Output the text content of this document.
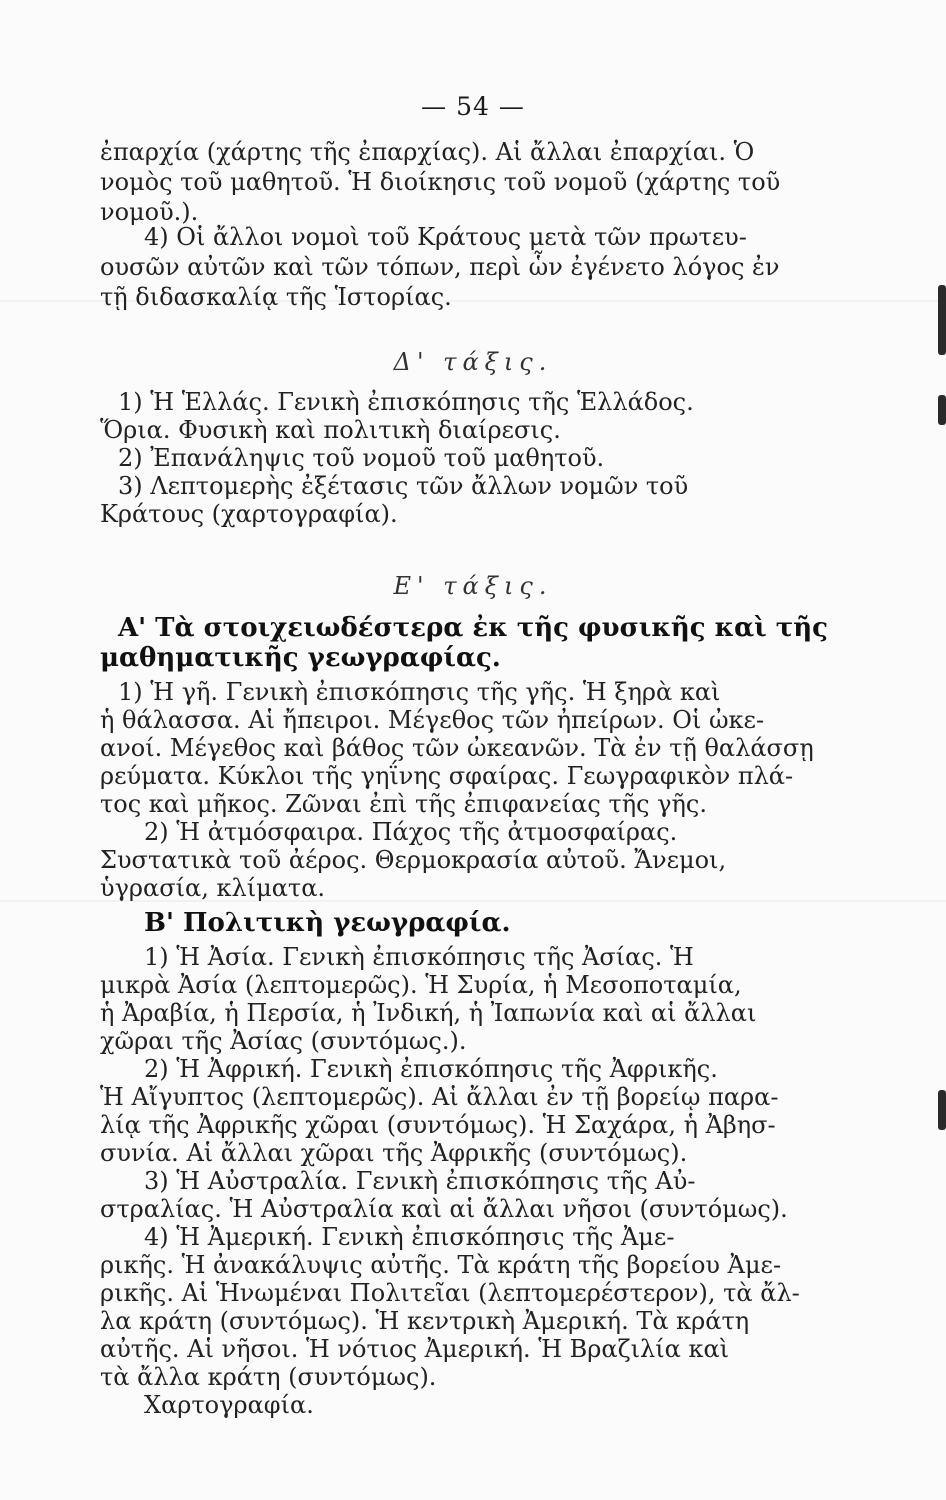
— 54 —
ἐπαρχία (χάρτης τῆς ἐπαρχίας). Αἱ ἄλλαι ἐπαρχίαι. Ὁ
νομὸς τοῦ μαθητοῦ. Ἡ διοίκησις τοῦ νομοῦ (χάρτης τοῦ
νομοῦ.).
4) Οἱ ἄλλοι νομοὶ τοῦ Κράτους μετὰ τῶν πρωτευ-
ουσῶν αὐτῶν καὶ τῶν τόπων, περὶ ὧν ἐγένετο λόγος ἐν
τῇ διδασκαλίᾳ τῆς Ἱστορίας.
Δ' τάξις.
1) Ἡ Ἑλλάς. Γενικὴ ἐπισκόπησις τῆς Ἑλλάδος.
Ὅρια. Φυσικὴ καὶ πολιτικὴ διαίρεσις.
2) Ἐπανάληψις τοῦ νομοῦ τοῦ μαθητοῦ.
3) Λεπτομερὴς ἐξέτασις τῶν ἄλλων νομῶν τοῦ
Κράτους (χαρτογραφία).
Ε' τάξις.
Α' Τὰ στοιχειωδέστερα ἐκ τῆς φυσικῆς καὶ τῆς
μαθηματικῆς γεωγραφίας.
1) Ἡ γῆ. Γενικὴ ἐπισκόπησις τῆς γῆς. Ἡ ξηρὰ καὶ
ἡ θάλασσα. Αἱ ἤπειροι. Μέγεθος τῶν ἠπείρων. Οἱ ὠκε-
ανοί. Μέγεθος καὶ βάθος τῶν ὠκεανῶν. Τὰ ἐν τῇ θαλάσσῃ
ρεύματα. Κύκλοι τῆς γηΐνης σφαίρας. Γεωγραφικὸν πλά-
τος καὶ μῆκος. Ζῶναι ἐπὶ τῆς ἐπιφανείας τῆς γῆς.
2) Ἡ ἀτμόσφαιρα. Πάχος τῆς ἀτμοσφαίρας.
Συστατικὰ τοῦ ἀέρος. Θερμοκρασία αὐτοῦ. Ἄνεμοι,
ὑγρασία, κλίματα.
Β' Πολιτικὴ γεωγραφία.
1) Ἡ Ἀσία. Γενικὴ ἐπισκόπησις τῆς Ἀσίας. Ἡ
μικρὰ Ἀσία (λεπτομερῶς). Ἡ Συρία, ἡ Μεσοποταμία,
ἡ Ἀραβία, ἡ Περσία, ἡ Ἰνδική, ἡ Ἰαπωνία καὶ αἱ ἄλλαι
χῶραι τῆς Ἀσίας (συντόμως.).
2) Ἡ Ἀφρική. Γενικὴ ἐπισκόπησις τῆς Ἀφρικῆς.
Ἡ Αἴγυπτος (λεπτομερῶς). Αἱ ἄλλαι ἐν τῇ βορείῳ παρα-
λίᾳ τῆς Ἀφρικῆς χῶραι (συντόμως). Ἡ Σαχάρα, ἡ Ἀβησ-
συνία. Αἱ ἄλλαι χῶραι τῆς Ἀφρικῆς (συντόμως).
3) Ἡ Αὐστραλία. Γενικὴ ἐπισκόπησις τῆς Αὐ-
στραλίας. Ἡ Αὐστραλία καὶ αἱ ἄλλαι νῆσοι (συντόμως).
4) Ἡ Ἀμερική. Γενικὴ ἐπισκόπησις τῆς Ἀμε-
ρικῆς. Ἡ ἀνακάλυψις αὐτῆς. Τὰ κράτη τῆς βορείου Ἀμε-
ρικῆς. Αἱ Ἡνωμέναι Πολιτεῖαι (λεπτομερέστερον), τὰ ἄλ-
λα κράτη (συντόμως). Ἡ κεντρικὴ Ἀμερική. Τὰ κράτη
αὐτῆς. Αἱ νῆσοι. Ἡ νότιος Ἀμερική. Ἡ Βραζιλία καὶ
τὰ ἄλλα κράτη (συντόμως).
Χαρτογραφία.
